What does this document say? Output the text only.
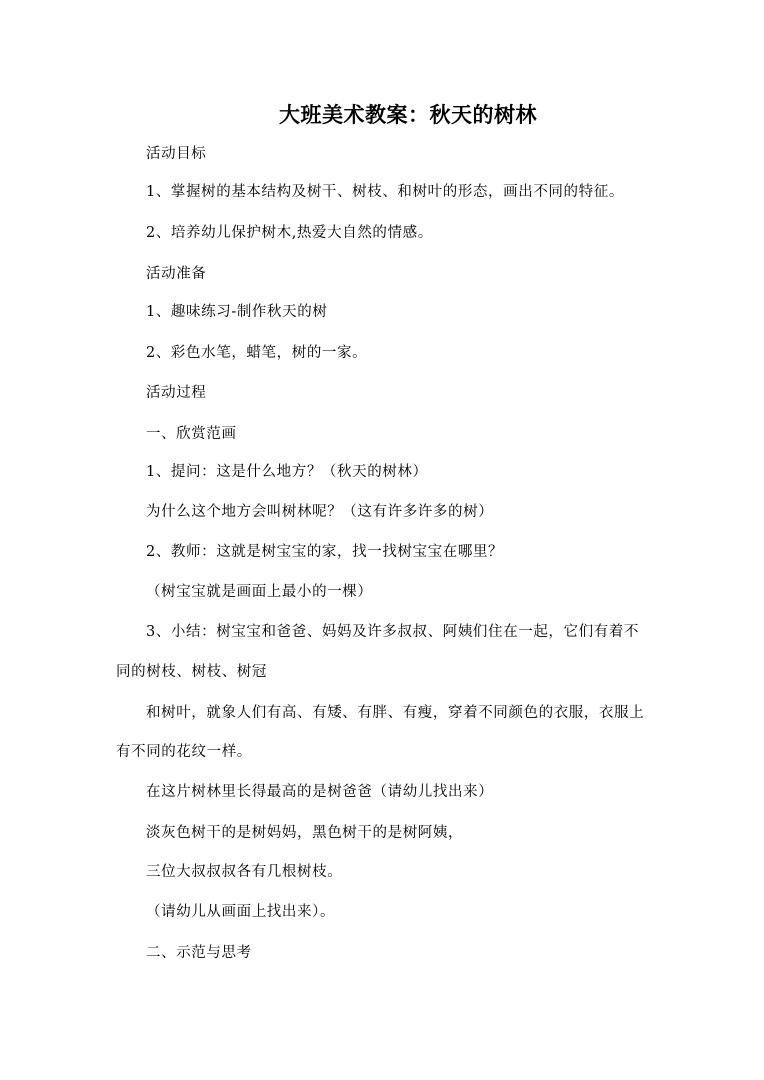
大班美术教案：秋天的树林
活动目标
1、掌握树的基本结构及树干、树枝、和树叶的形态，画出不同的特征。
2、培养幼儿保护树木,热爱大自然的情感。
活动准备
1、趣味练习-制作秋天的树
2、彩色水笔，蜡笔，树的一家。
活动过程
一、欣赏范画
1、提问：这是什么地方？（秋天的树林）
为什么这个地方会叫树林呢？（这有许多许多的树）
2、教师：这就是树宝宝的家，找一找树宝宝在哪里？
（树宝宝就是画面上最小的一棵）
3、小结：树宝宝和爸爸、妈妈及许多叔叔、阿姨们住在一起，它们有着不
同的树枝、树枝、树冠
和树叶，就象人们有高、有矮、有胖、有瘦，穿着不同颜色的衣服，衣服上
有不同的花纹一样。
在这片树林里长得最高的是树爸爸（请幼儿找出来）
淡灰色树干的是树妈妈，黑色树干的是树阿姨，
三位大叔叔叔各有几根树枝。
（请幼儿从画面上找出来）。
二、示范与思考
